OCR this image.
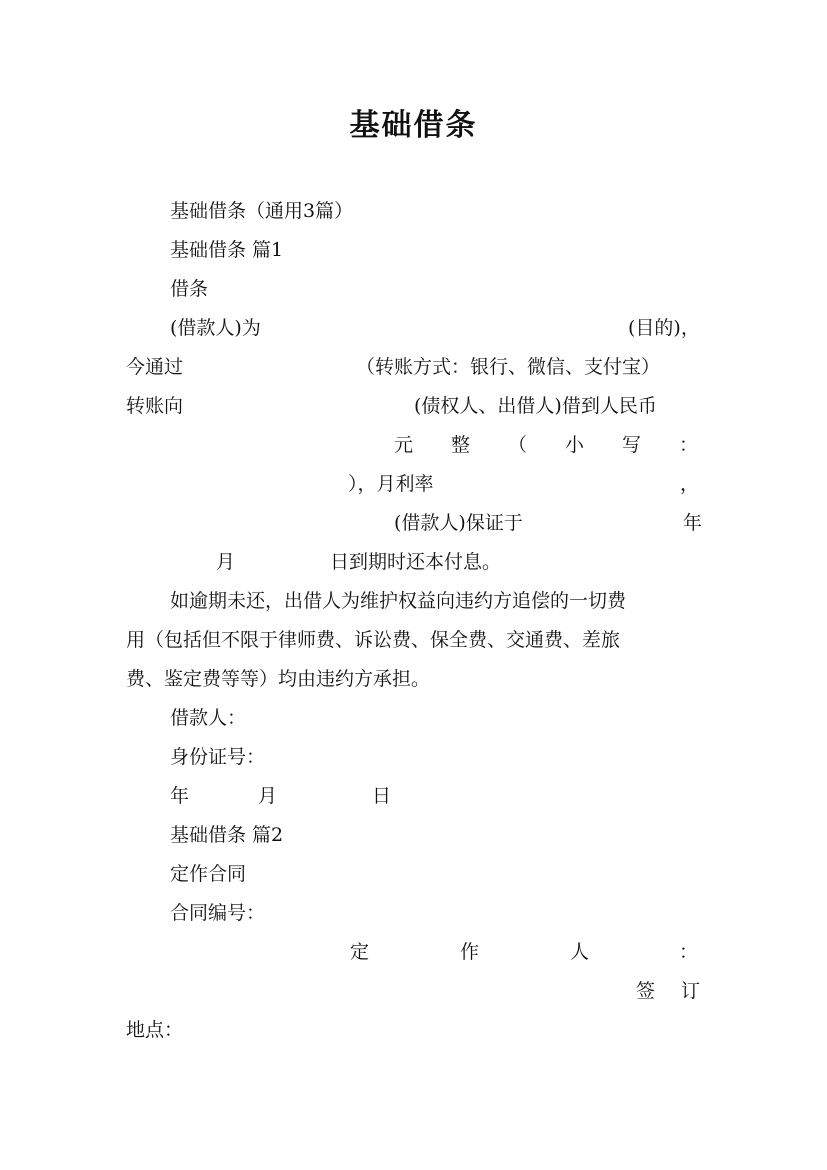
基础借条
基础借条（通用3篇）
基础借条 篇1
借条
(借款人)为	(目的)，
今通过	（转账方式：银行、微信、支付宝）
转账向	(债权人、出借人)借到人民币
元 整 （ 小 写 ：
），月利率	，
(借款人)保证于	年
月	日到期时还本付息。
如逾期未还，出借人为维护权益向违约方追偿的一切费
用（包括但不限于律师费、诉讼费、保全费、交通费、差旅
费、鉴定费等等）均由违约方承担。
借款人：
身份证号：
年	月	日
基础借条 篇2
定作合同
合同编号：
定	作	人	：
签 订
地点：
